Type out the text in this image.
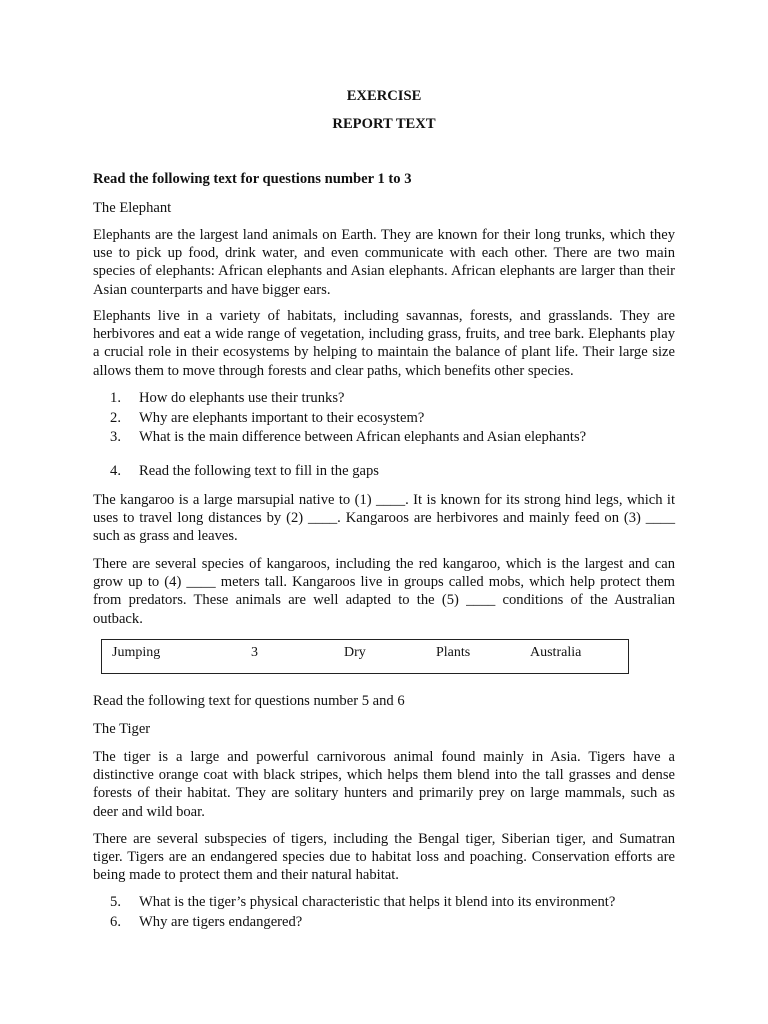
EXERCISE
REPORT TEXT
Read the following text for questions number 1 to 3
The Elephant
Elephants are the largest land animals on Earth. They are known for their long trunks, which they use to pick up food, drink water, and even communicate with each other. There are two main species of elephants: African elephants and Asian elephants. African elephants are larger than their Asian counterparts and have bigger ears.
Elephants live in a variety of habitats, including savannas, forests, and grasslands. They are herbivores and eat a wide range of vegetation, including grass, fruits, and tree bark. Elephants play a crucial role in their ecosystems by helping to maintain the balance of plant life. Their large size allows them to move through forests and clear paths, which benefits other species.
1.	How do elephants use their trunks?
2.	Why are elephants important to their ecosystem?
3.	What is the main difference between African elephants and Asian elephants?
4.	Read the following text to fill in the gaps
The kangaroo is a large marsupial native to (1) ____. It is known for its strong hind legs, which it uses to travel long distances by (2) ____. Kangaroos are herbivores and mainly feed on (3) ____ such as grass and leaves.
There are several species of kangaroos, including the red kangaroo, which is the largest and can grow up to (4) ____ meters tall. Kangaroos live in groups called mobs, which help protect them from predators. These animals are well adapted to the (5) ____ conditions of the Australian outback.
Jumping	3	Dry	Plants	Australia
Read the following text for questions number 5 and 6
The Tiger
The tiger is a large and powerful carnivorous animal found mainly in Asia. Tigers have a distinctive orange coat with black stripes, which helps them blend into the tall grasses and dense forests of their habitat. They are solitary hunters and primarily prey on large mammals, such as deer and wild boar.
There are several subspecies of tigers, including the Bengal tiger, Siberian tiger, and Sumatran tiger. Tigers are an endangered species due to habitat loss and poaching. Conservation efforts are being made to protect them and their natural habitat.
5.	What is the tiger’s physical characteristic that helps it blend into its environment?
6.	Why are tigers endangered?
